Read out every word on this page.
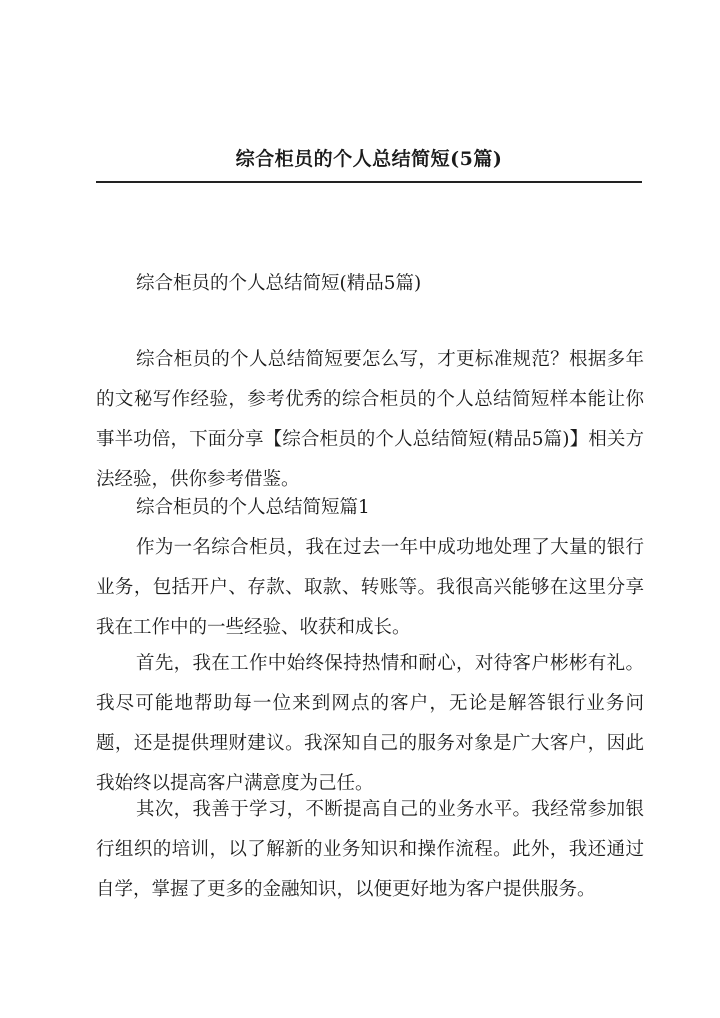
综合柜员的个人总结简短(5篇)

综合柜员的个人总结简短(精品5篇)

综合柜员的个人总结简短要怎么写，才更标准规范？根据多年的文秘写作经验，参考优秀的综合柜员的个人总结简短样本能让你事半功倍，下面分享【综合柜员的个人总结简短(精品5篇)】相关方法经验，供你参考借鉴。

综合柜员的个人总结简短篇1

作为一名综合柜员，我在过去一年中成功地处理了大量的银行业务，包括开户、存款、取款、转账等。我很高兴能够在这里分享我在工作中的一些经验、收获和成长。

首先，我在工作中始终保持热情和耐心，对待客户彬彬有礼。我尽可能地帮助每一位来到网点的客户，无论是解答银行业务问题，还是提供理财建议。我深知自己的服务对象是广大客户，因此我始终以提高客户满意度为己任。

其次，我善于学习，不断提高自己的业务水平。我经常参加银行组织的培训，以了解新的业务知识和操作流程。此外，我还通过自学，掌握了更多的金融知识，以便更好地为客户提供服务。
